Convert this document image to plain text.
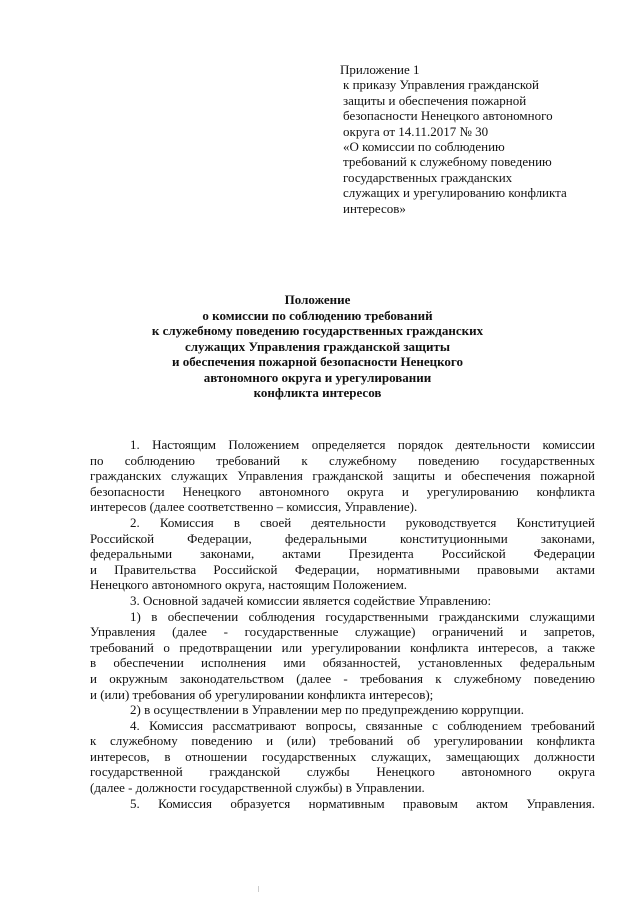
Приложение 1
к приказу Управления гражданской
защиты и обеспечения пожарной
безопасности Ненецкого автономного
округа от 14.11.2017 № 30
«О комиссии по соблюдению
требований к служебному поведению
государственных гражданских
служащих и урегулированию конфликта
интересов»
Положение
о комиссии по соблюдению требований
к служебному поведению государственных гражданских
служащих Управления гражданской защиты
и обеспечения пожарной безопасности Ненецкого
автономного округа и урегулировании
конфликта интересов

1. Настоящим Положением определяется порядок деятельности комиссии
по соблюдению требований к служебному поведению государственных
гражданских служащих Управления гражданской защиты и обеспечения пожарной
безопасности Ненецкого автономного округа и урегулированию конфликта
интересов (далее соответственно – комиссия, Управление).

2. Комиссия в своей деятельности руководствуется Конституцией
Российской Федерации, федеральными конституционными законами,
федеральными законами, актами Президента Российской Федерации
и Правительства Российской Федерации, нормативными правовыми актами
Ненецкого автономного округа, настоящим Положением.

3. Основной задачей комиссии является содействие Управлению:

1) в обеспечении соблюдения государственными гражданскими служащими
Управления (далее - государственные служащие) ограничений и запретов,
требований о предотвращении или урегулировании конфликта интересов, а также
в обеспечении исполнения ими обязанностей, установленных федеральным
и окружным законодательством (далее - требования к служебному поведению
и (или) требования об урегулировании конфликта интересов);

2) в осуществлении в Управлении мер по предупреждению коррупции.

4. Комиссия рассматривают вопросы, связанные с соблюдением требований
к служебному поведению и (или) требований об урегулировании конфликта
интересов, в отношении государственных служащих, замещающих должности
государственной гражданской службы Ненецкого автономного округа
(далее - должности государственной службы) в Управлении.

5. Комиссия образуется нормативным правовым актом Управления.
